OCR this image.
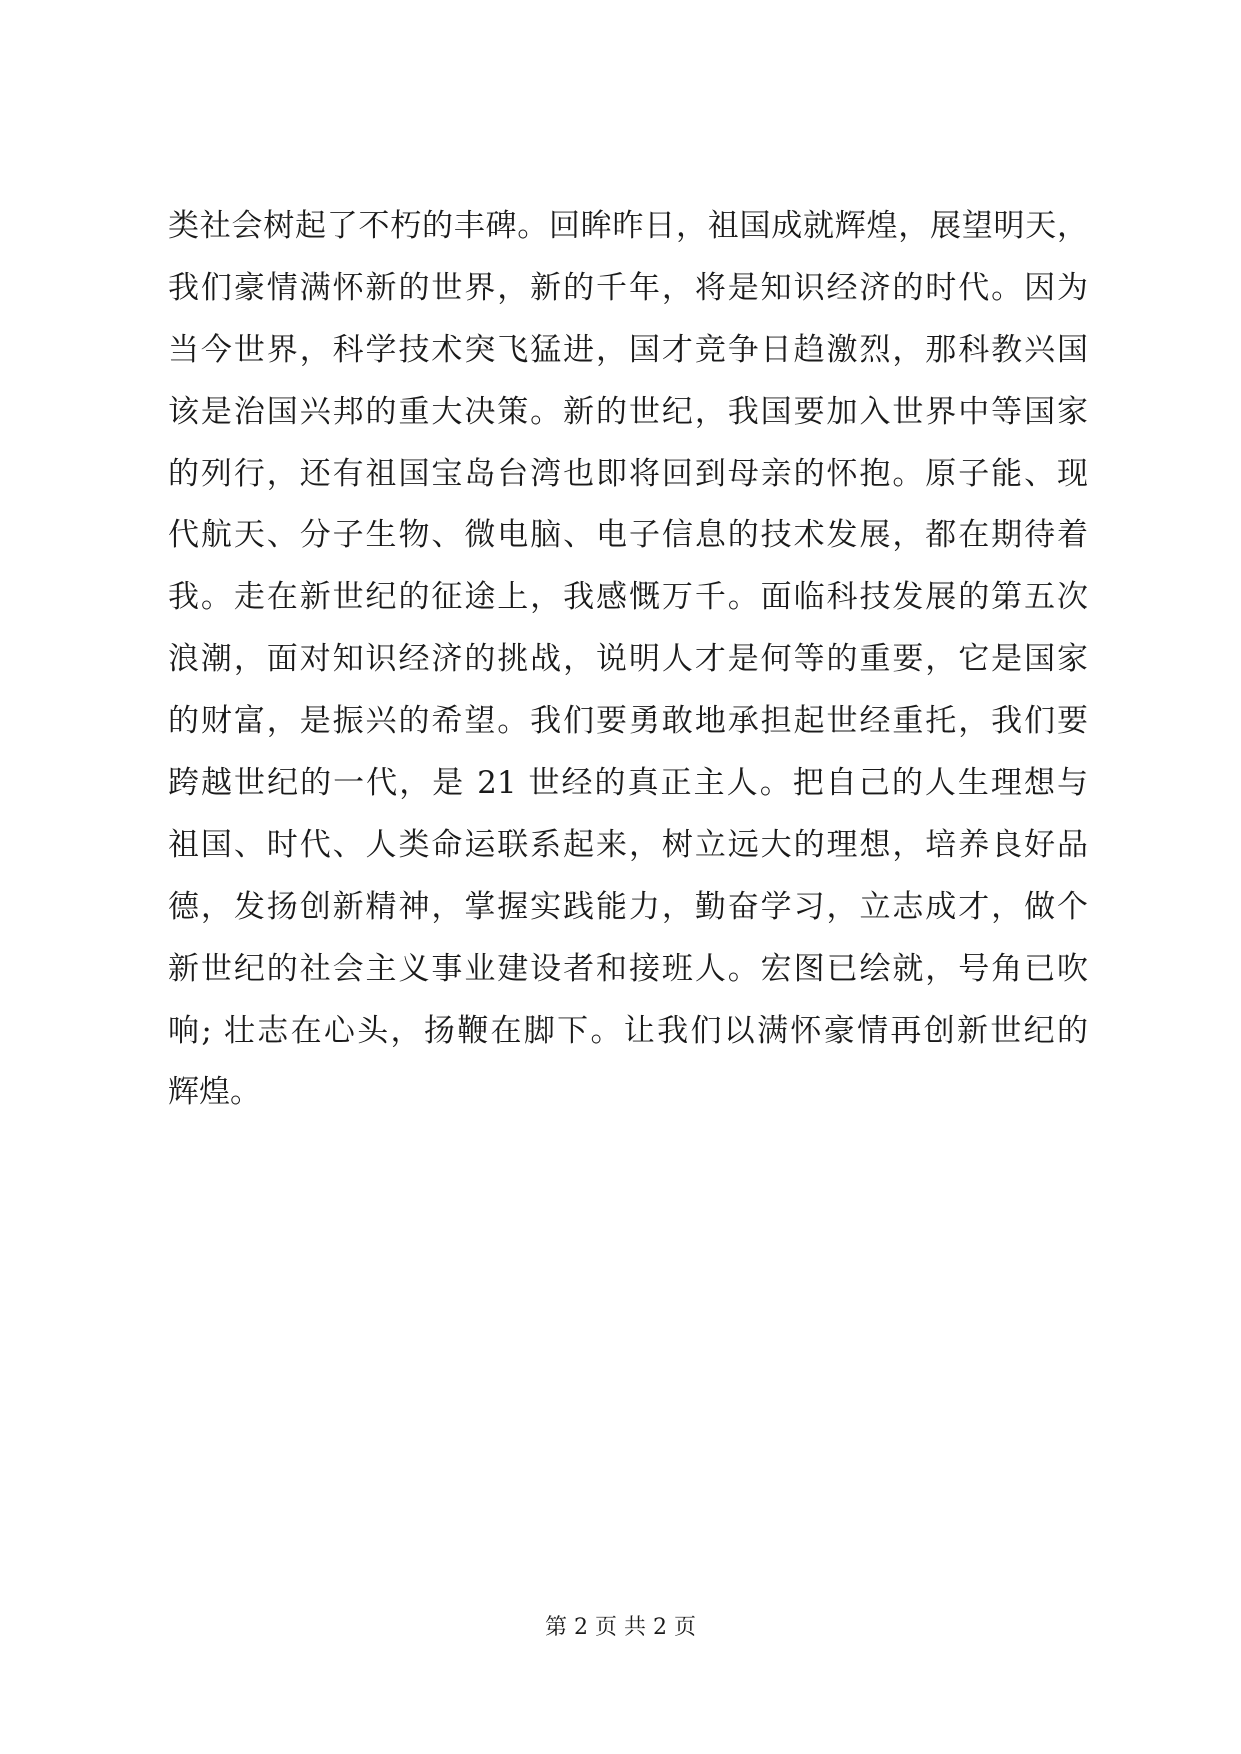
类社会树起了不朽的丰碑。回眸昨日，祖国成就辉煌，展望明天，
我们豪情满怀新的世界，新的千年，将是知识经济的时代。因为
当今世界，科学技术突飞猛进，国才竞争日趋激烈，那科教兴国
该是治国兴邦的重大决策。新的世纪，我国要加入世界中等国家
的列行，还有祖国宝岛台湾也即将回到母亲的怀抱。原子能、现
代航天、分子生物、微电脑、电子信息的技术发展，都在期待着
我。走在新世纪的征途上，我感慨万千。面临科技发展的第五次
浪潮，面对知识经济的挑战，说明人才是何等的重要，它是国家
的财富，是振兴的希望。我们要勇敢地承担起世经重托，我们要
跨越世纪的一代，是 21 世经的真正主人。把自己的人生理想与
祖国、时代、人类命运联系起来，树立远大的理想，培养良好品
德，发扬创新精神，掌握实践能力，勤奋学习，立志成才，做个
新世纪的社会主义事业建设者和接班人。宏图已绘就，号角已吹
响; 壮志在心头，扬鞭在脚下。让我们以满怀豪情再创新世纪的
辉煌。
第 2 页 共 2 页
